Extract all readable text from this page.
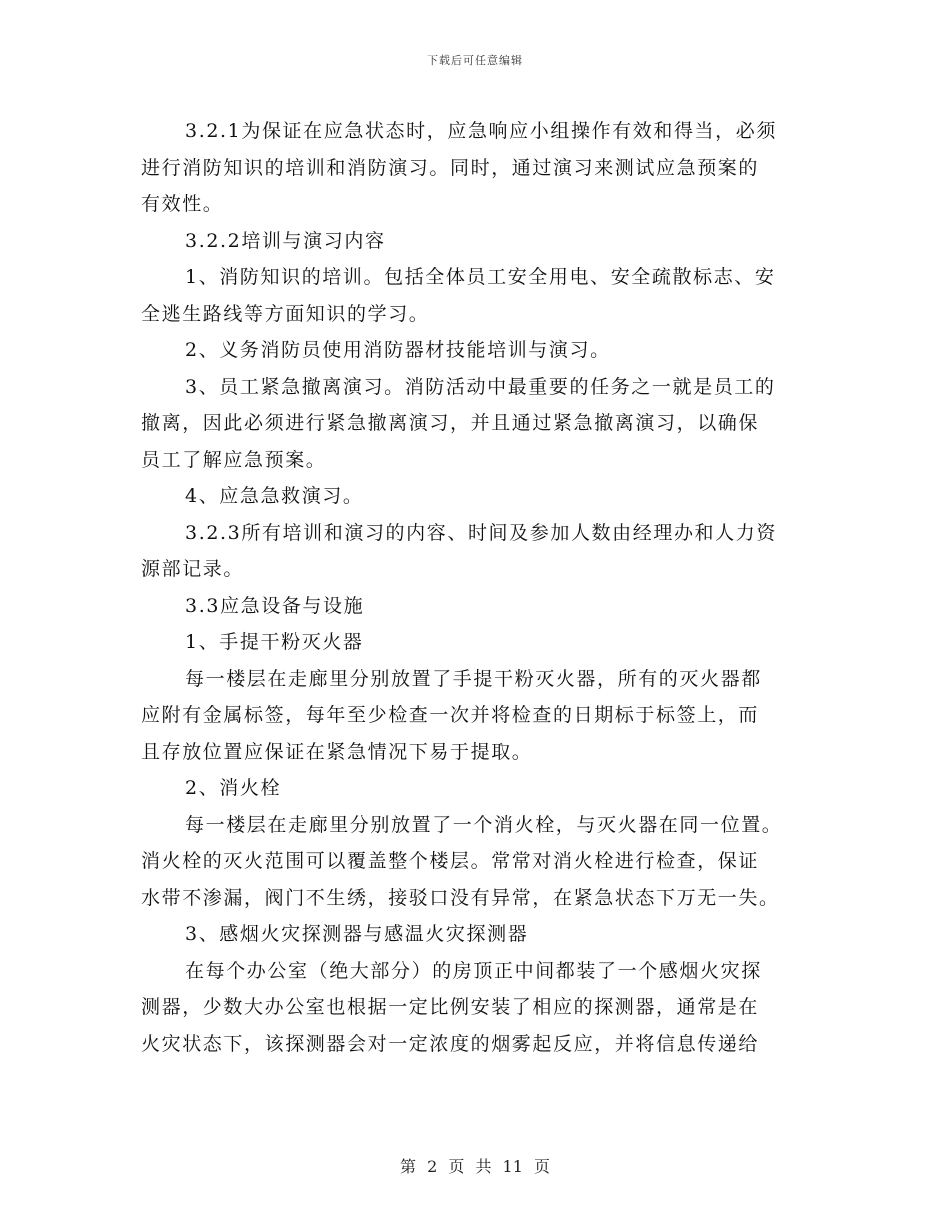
下载后可任意编辑
3.2.1为保证在应急状态时，应急响应小组操作有效和得当，必须
进行消防知识的培训和消防演习。同时，通过演习来测试应急预案的
有效性。
3.2.2培训与演习内容
1、消防知识的培训。包括全体员工安全用电、安全疏散标志、安
全逃生路线等方面知识的学习。
2、义务消防员使用消防器材技能培训与演习。
3、员工紧急撤离演习。消防活动中最重要的任务之一就是员工的
撤离，因此必须进行紧急撤离演习，并且通过紧急撤离演习，以确保
员工了解应急预案。
4、应急急救演习。
3.2.3所有培训和演习的内容、时间及参加人数由经理办和人力资
源部记录。
3.3应急设备与设施
1、手提干粉灭火器
每一楼层在走廊里分别放置了手提干粉灭火器，所有的灭火器都
应附有金属标签，每年至少检查一次并将检查的日期标于标签上，而
且存放位置应保证在紧急情况下易于提取。
2、消火栓
每一楼层在走廊里分别放置了一个消火栓，与灭火器在同一位置。
消火栓的灭火范围可以覆盖整个楼层。常常对消火栓进行检查，保证
水带不渗漏，阀门不生绣，接驳口没有异常，在紧急状态下万无一失。
3、感烟火灾探测器与感温火灾探测器
在每个办公室（绝大部分）的房顶正中间都装了一个感烟火灾探
测器，少数大办公室也根据一定比例安装了相应的探测器，通常是在
火灾状态下，该探测器会对一定浓度的烟雾起反应，并将信息传递给
第 2 页 共 11 页
